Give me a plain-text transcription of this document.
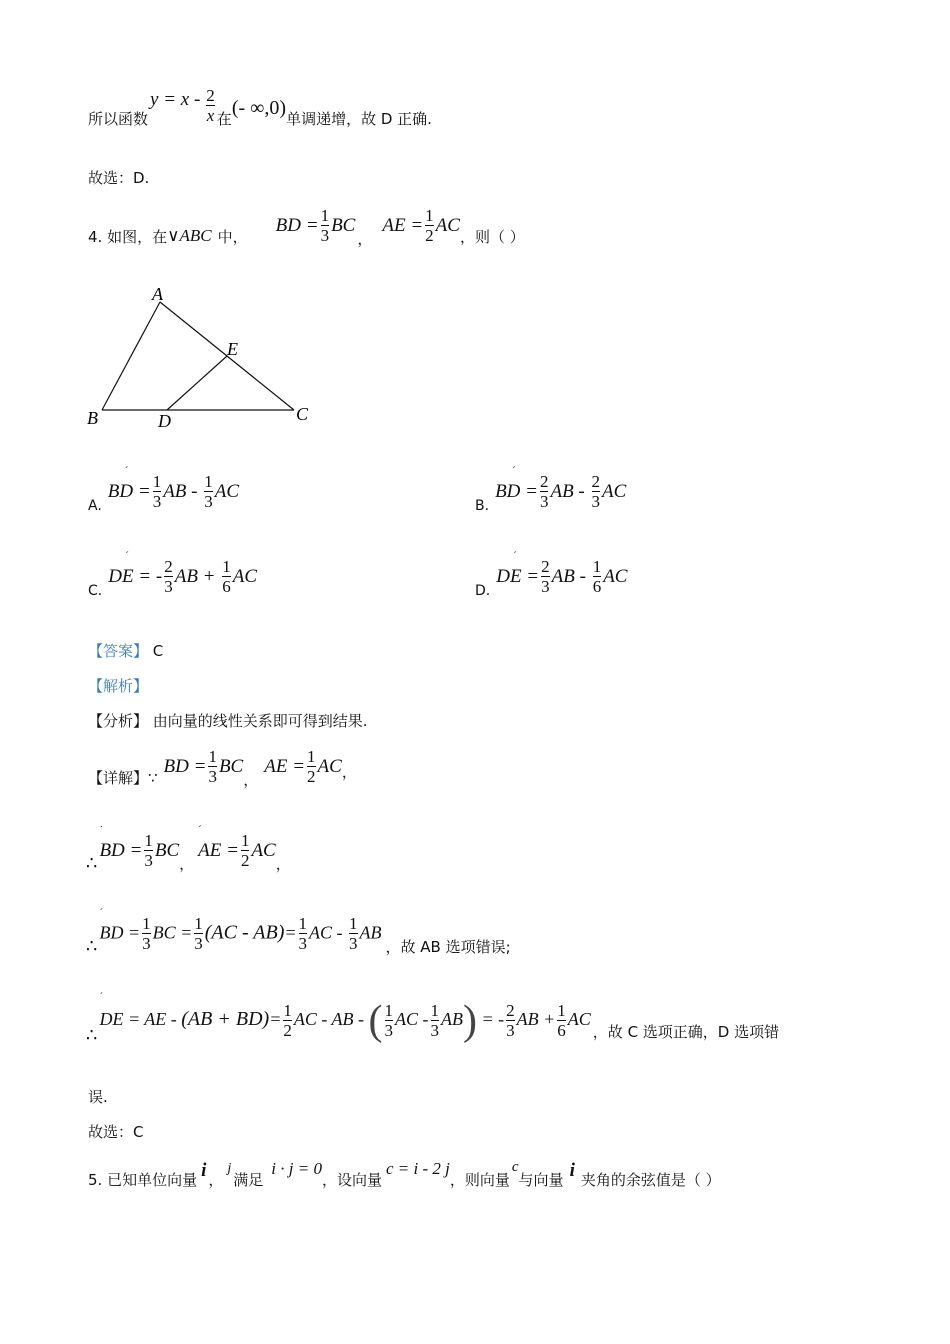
所以函数
$y = x - \frac{2}{x}$ 在 (- ∞,0) 单调递增，故 D 正确.
故选：D.
4. 如图，在 ∨ABC 中，
BD = $\frac{1}{3}$ BC
，
AE = $\frac{1}{2}$ AC
，则（ ）
A
B	C
D
E
A.
ˊ
BD = $\frac{1}{3}$ AB - $\frac{1}{3}$ AC
B.
ˊ
BD = $\frac{2}{3}$ AB - $\frac{2}{3}$ AC
C.
ˊ
DE = - $\frac{2}{3}$ AB + $\frac{1}{6}$ AC
D.
ˊ
DE = $\frac{2}{3}$ AB - $\frac{1}{6}$ AC
【答案】 C
【解析】
【分析】 由向量的线性关系即可得到结果.
【详解】∵
BD = $\frac{1}{3}$ BC
，
AE = $\frac{1}{2}$ AC ，
∴
˙
BD = $\frac{1}{3}$ BC
，
ˊ
AE = $\frac{1}{2}$ AC
，
∴
ˊ
BD = $\frac{1}{3}$ BC = $\frac{1}{3} (AC - AB)= \frac{1}{3}$ AC - $\frac{1}{3}$ AB
，故 AB 选项错误;
∴
ˊ
DE = AE - $(AB + BD)= \frac{1}{2}$ AC - AB - ( $\frac{1}{3}$ AC - $\frac{1}{3} AB$) = - $\frac{2}{3}$ AB + $\frac{1}{6}$ AC
，故 C 选项正确，D 选项错
误.
故选：C
5. 已知单位向量 i ，
j
满足
i · j = 0
，设向量
c = i - 2 j
，则向量
c
与向量 i 夹角的余弦值是（ ）
